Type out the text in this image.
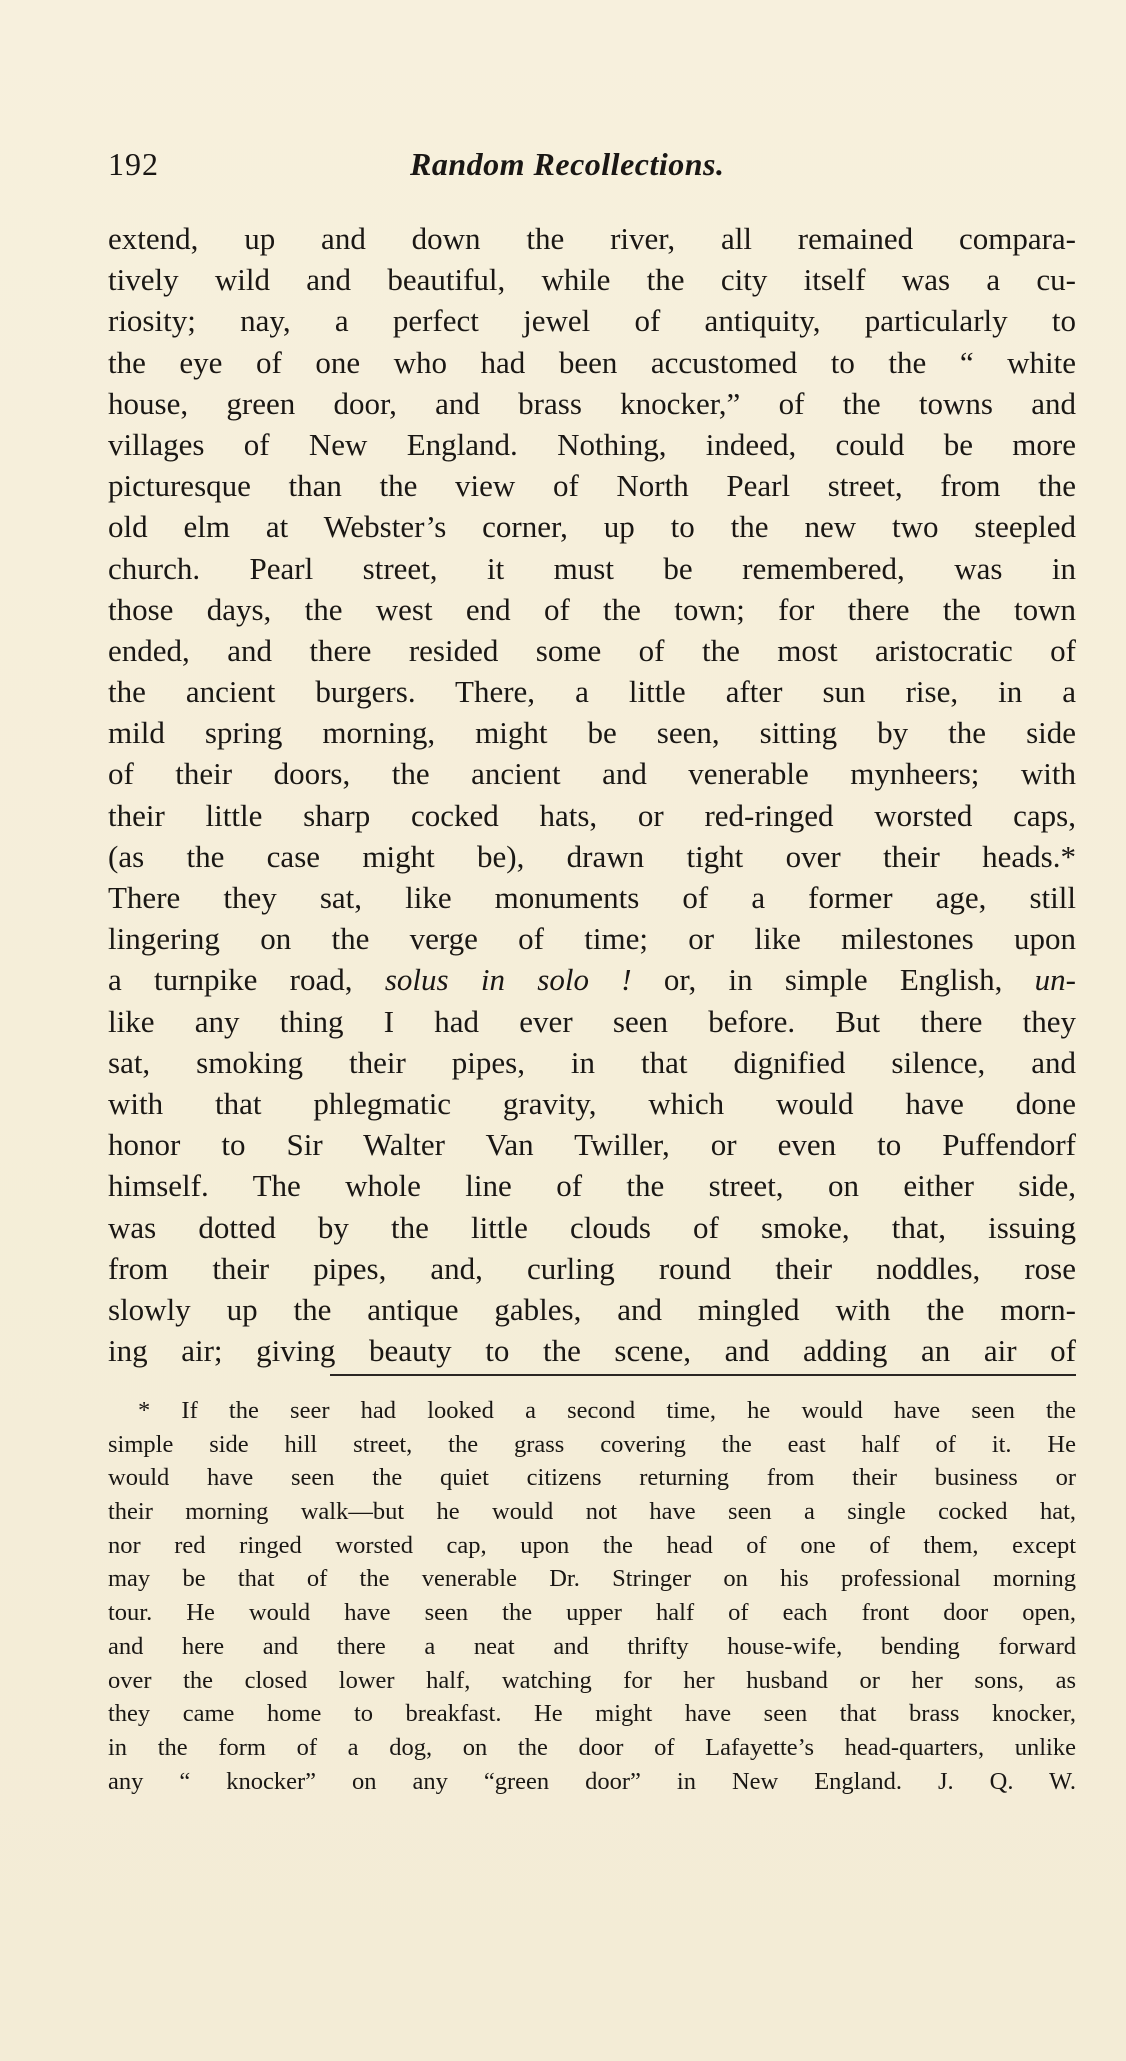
192	Random Recollections.
extend, up and down the river, all remained compara-
tively wild and beautiful, while the city itself was a cu-
riosity; nay, a perfect jewel of antiquity, particularly to
the eye of one who had been accustomed to the “ white
house, green door, and brass knocker,” of the towns and
villages of New England. Nothing, indeed, could be more
picturesque than the view of North Pearl street, from the
old elm at Webster’s corner, up to the new two steepled
church. Pearl street, it must be remembered, was in
those days, the west end of the town; for there the town
ended, and there resided some of the most aristocratic of
the ancient burgers. There, a little after sun rise, in a
mild spring morning, might be seen, sitting by the side
of their doors, the ancient and venerable mynheers; with
their little sharp cocked hats, or red-ringed worsted caps,
(as the case might be), drawn tight over their heads.*
There they sat, like monuments of a former age, still
lingering on the verge of time; or like milestones upon
a turnpike road, solus in solo ! or, in simple English, un-
like any thing I had ever seen before. But there they
sat, smoking their pipes, in that dignified silence, and
with that phlegmatic gravity, which would have done
honor to Sir Walter Van Twiller, or even to Puffendorf
himself. The whole line of the street, on either side,
was dotted by the little clouds of smoke, that, issuing
from their pipes, and, curling round their noddles, rose
slowly up the antique gables, and mingled with the morn-
ing air; giving beauty to the scene, and adding an air of
* If the seer had looked a second time, he would have seen the
simple side hill street, the grass covering the east half of it. He
would have seen the quiet citizens returning from their business or
their morning walk—but he would not have seen a single cocked hat,
nor red ringed worsted cap, upon the head of one of them, except
may be that of the venerable Dr. Stringer on his professional morning
tour. He would have seen the upper half of each front door open,
and here and there a neat and thrifty house-wife, bending forward
over the closed lower half, watching for her husband or her sons, as
they came home to breakfast. He might have seen that brass knocker,
in the form of a dog, on the door of Lafayette’s head-quarters, unlike
any “ knocker” on any “green door” in New England. J. Q. W.
